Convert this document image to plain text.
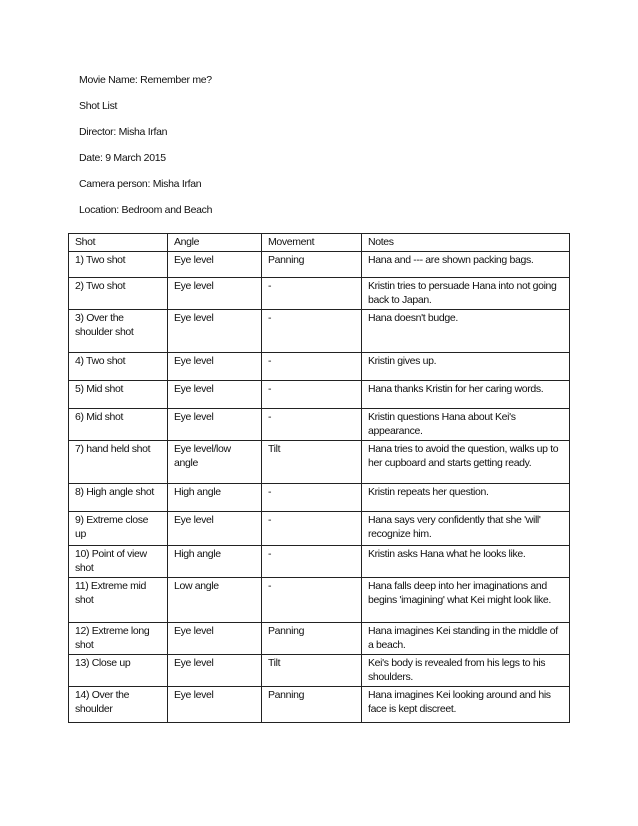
Movie Name: Remember me?
Shot List
Director: Misha Irfan
Date: 9 March 2015
Camera person: Misha Irfan
Location: Bedroom and Beach
Shot	Angle	Movement	Notes
1) Two shot	Eye level	Panning	Hana and --- are shown packing bags.
2) Two shot	Eye level	-	Kristin tries to persuade Hana into not going back to Japan.
3) Over the shoulder shot	Eye level	-	Hana doesn't budge.
4) Two shot	Eye level	-	Kristin gives up.
5) Mid shot	Eye level	-	Hana thanks Kristin for her caring words.
6) Mid shot	Eye level	-	Kristin questions Hana about Kei's appearance.
7) hand held shot	Eye level/low angle	Tilt	Hana tries to avoid the question, walks up to her cupboard and starts getting ready.
8) High angle shot	High angle	-	Kristin repeats her question.
9) Extreme close up	Eye level	-	Hana says very confidently that she 'will' recognize him.
10) Point of view shot	High angle	-	Kristin asks Hana what he looks like.
11) Extreme mid shot	Low angle	-	Hana falls deep into her imaginations and begins 'imagining' what Kei might look like.
12) Extreme long shot	Eye level	Panning	Hana imagines Kei standing in the middle of a beach.
13) Close up	Eye level	Tilt	Kei's body is revealed from his legs to his shoulders.
14) Over the shoulder	Eye level	Panning	Hana imagines Kei looking around and his face is kept discreet.
